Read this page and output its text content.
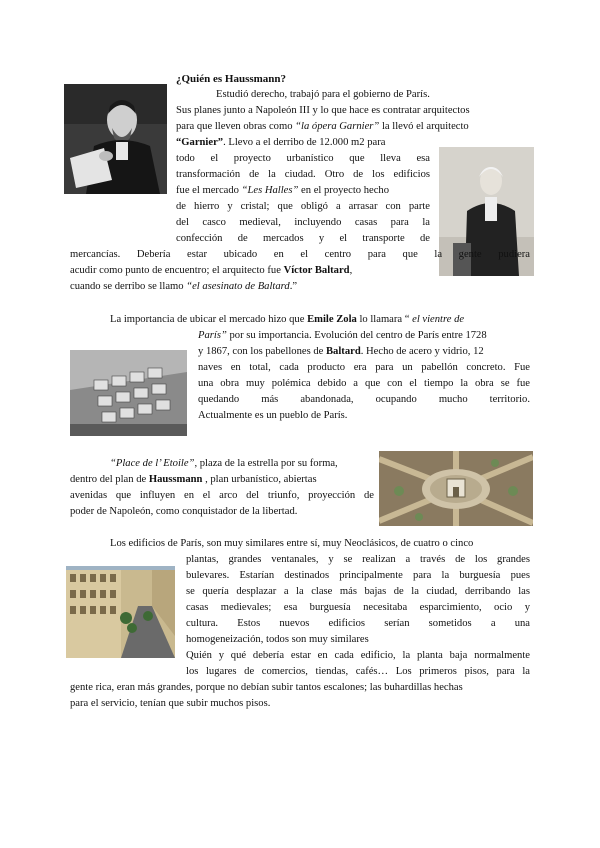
¿Quién es Haussmann?
Estudió derecho, trabajó para el gobierno de París.
Sus planes junto a Napoleón III y lo que hace es contratar arquitectos
para que lleven obras como “la ópera Garnier” la llevó el arquitecto
“Garnier”. Llevo a el derribo de 12.000 m2 para
todo el proyecto urbanístico que lleva esa
transformación de la ciudad. Otro de los edificios
fue el mercado “Les Halles” en el proyecto hecho
de hierro y cristal; que obligó a arrasar con parte
del casco medieval, incluyendo casas para la
confección de mercados y el transporte de
mercancías. Debería estar ubicado en el centro para que la gente pudiera
acudir como punto de encuentro; el arquitecto fue Víctor Baltard,
cuando se derribo se llamo “el asesinato de Baltard.”
La importancia de ubicar el mercado hizo que Emile Zola lo llamara “ el vientre de
París” por su importancia. Evolución del centro de París entre 1728
y 1867, con los pabellones de Baltard. Hecho de acero y vidrio, 12
naves en total, cada producto era para un pabellón concreto. Fue
una obra muy polémica debido a que con el tiempo la obra se fue
quedando más abandonada, ocupando mucho territorio.
Actualmente es un pueblo de París.
“Place de l’ Etoile”, plaza de la estrella por su forma,
dentro del plan de Haussmann , plan urbanístico, abiertas
avenidas que influyen en el arco del triunfo, proyección de
poder de Napoleón, como conquistador de la libertad.
Los edificios de París, son muy similares entre sí, muy Neoclásicos, de cuatro o cinco
plantas, grandes ventanales, y se realizan a través de los grandes
bulevares. Estarían destinados principalmente para la burguesía pues
se quería desplazar a la clase más bajas de la ciudad, derribando las
casas medievales; esa burguesía necesitaba esparcimiento, ocio y
cultura.  Estos  nuevos  edificios  serían  sometidos  a  una
homogeneización, todos son muy similares
Quién y qué debería estar en cada edificio, la planta baja normalmente
los lugares de comercios, tiendas, cafés… Los primeros pisos, para la
gente rica, eran más grandes, porque no debían subir tantos escalones; las buhardillas hechas
para el servicio, tenían que subir muchos pisos.
